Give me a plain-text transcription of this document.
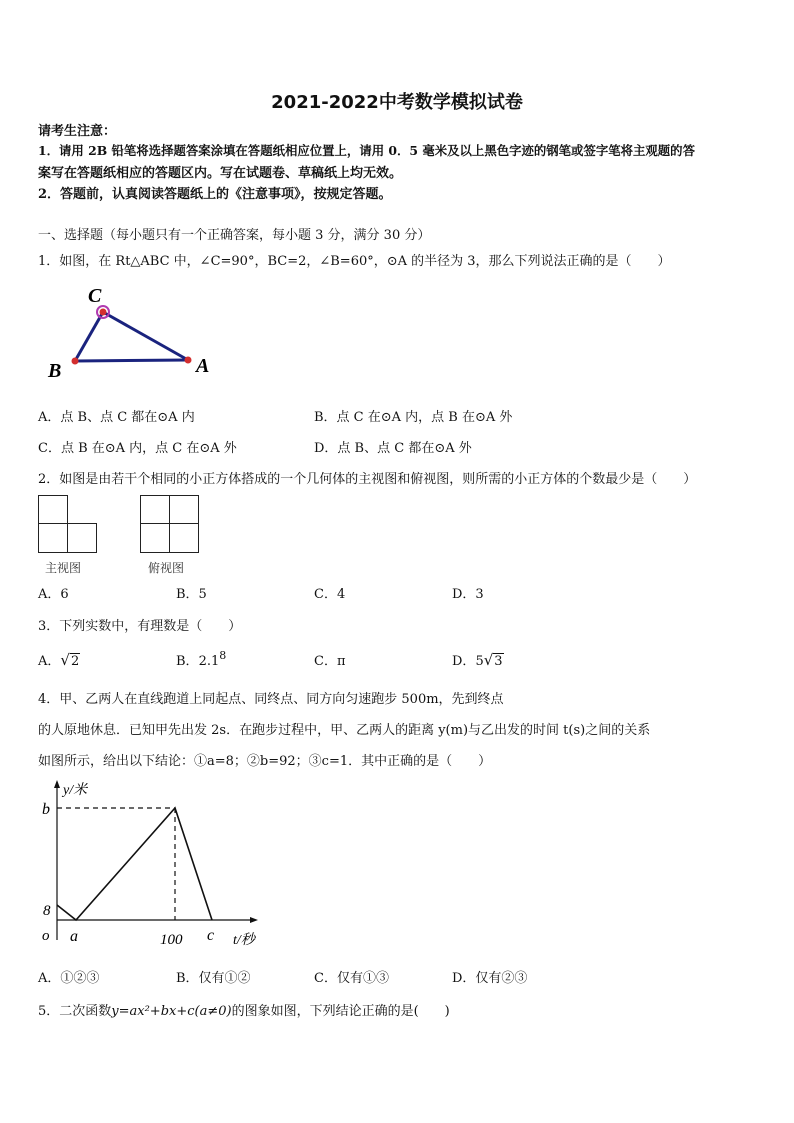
2021-2022中考数学模拟试卷
请考生注意：
1．请用 2B 铅笔将选择题答案涂填在答题纸相应位置上，请用 0．5 毫米及以上黑色字迹的钢笔或签字笔将主观题的答
案写在答题纸相应的答题区内。写在试题卷、草稿纸上均无效。
2．答题前，认真阅读答题纸上的《注意事项》，按规定答题。
一、选择题（每小题只有一个正确答案，每小题 3 分，满分 30 分）
1．如图，在 Rt△ABC 中，∠C=90°，BC=2，∠B=60°，⊙A 的半径为 3，那么下列说法正确的是（　　）
C
B	A
A．点 B、点 C 都在⊙A 内	B．点 C 在⊙A 内，点 B 在⊙A 外
C．点 B 在⊙A 内，点 C 在⊙A 外	D．点 B、点 C 都在⊙A 外
2．如图是由若干个相同的小正方体搭成的一个几何体的主视图和俯视图，则所需的小正方体的个数最少是（　　）
主视图	俯视图
A．6	B．5	C．4	D．3
3．下列实数中，有理数是（　　）
A．√2	B．$2.1^8$	C．π	D．5√3
4．甲、乙两人在直线跑道上同起点、同终点、同方向匀速跑步 500m，先到终点
的人原地休息．已知甲先出发 2s．在跑步过程中，甲、乙两人的距离 y(m)与乙出发的时间 t(s)之间的关系
如图所示，给出以下结论：①a=8；②b=92；③c=1．其中正确的是（　　）
y/米
b
8
o a	100 c t/秒
A．①②③	B．仅有①②	C．仅有①③	D．仅有②③
5．二次函数y=ax²+bx+c(a≠0)的图象如图，下列结论正确的是(　　)
